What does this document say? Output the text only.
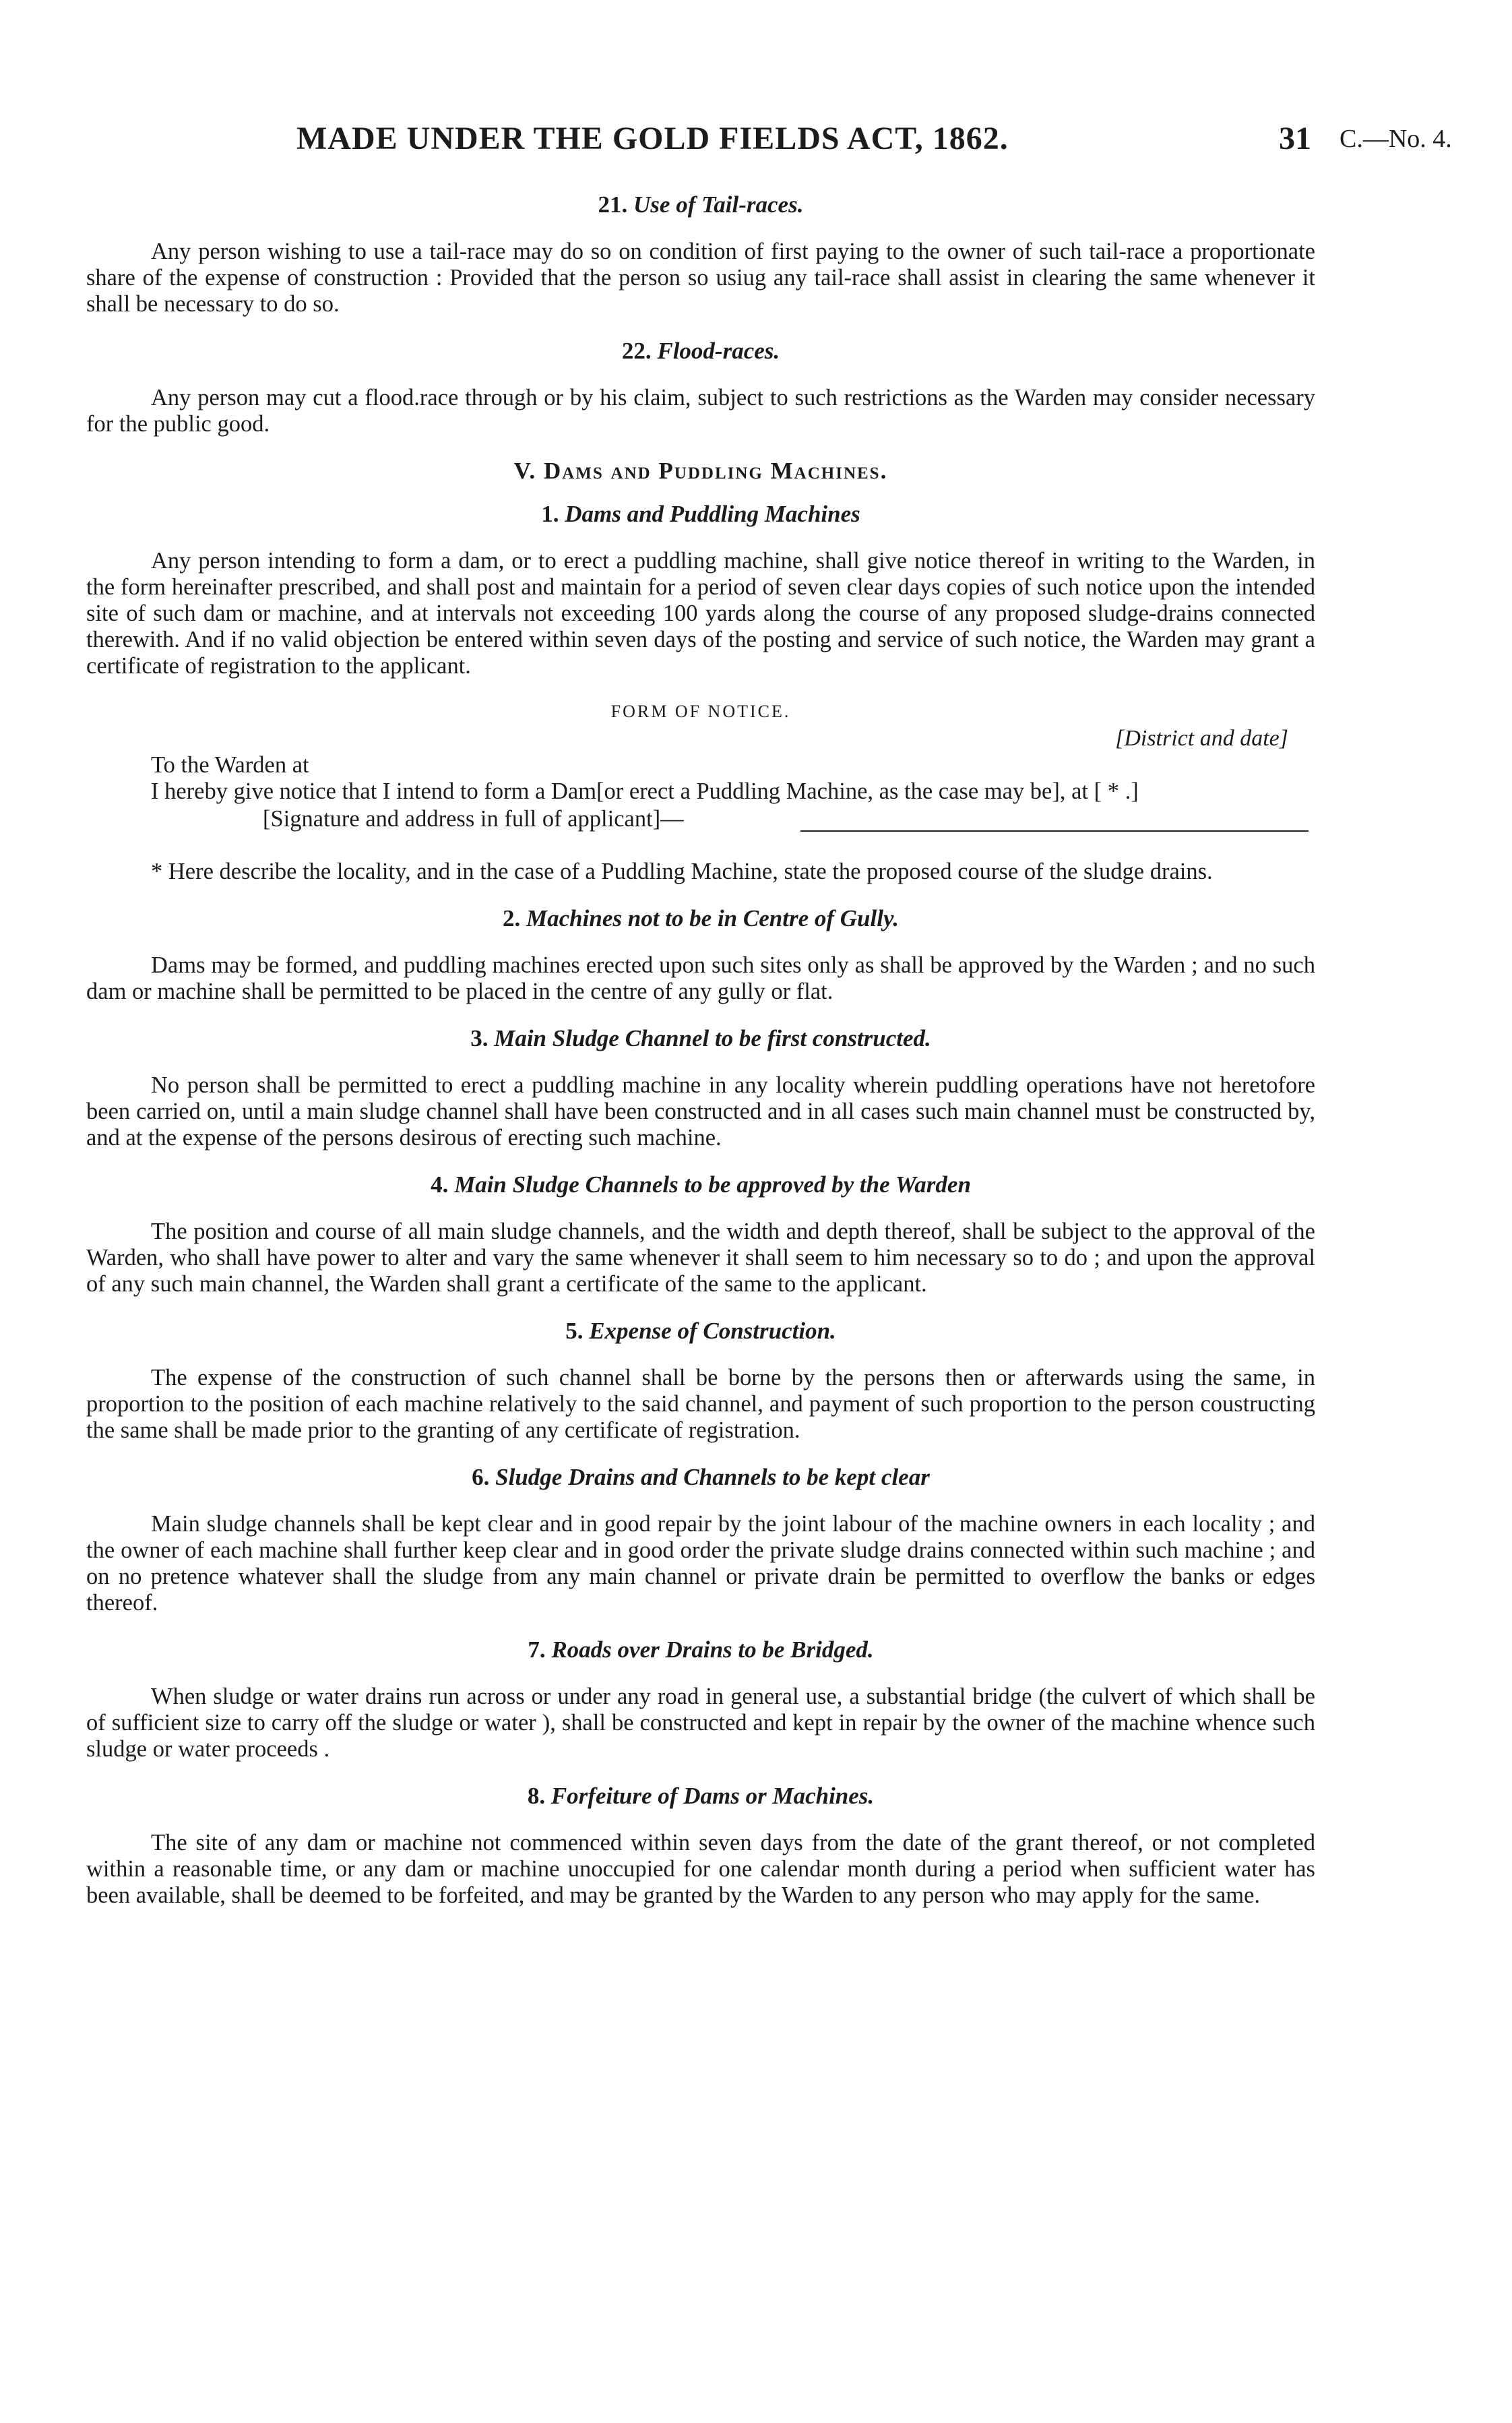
MADE UNDER THE GOLD FIELDS ACT, 1862.	31 C.—No. 4.
21. Use of Tail-races.

Any person wishing to use a tail-race may do so on condition of first paying to the owner of such tail-race a proportionate share of the expense of construction : Provided that the person so usiug any tail-race shall assist in clearing the same whenever it shall be necessary to do so.

22. Flood-races.

Any person may cut a flood.race through or by his claim, subject to such restrictions as the Warden may consider necessary for the public good.

V. Dams and Puddling Machines.
1. Dams and Puddling Machines

Any person intending to form a dam, or to erect a puddling machine, shall give notice thereof in writing to the Warden, in the form hereinafter prescribed, and shall post and maintain for a period of seven clear days copies of such notice upon the intended site of such dam or machine, and at intervals not exceeding 100 yards along the course of any proposed sludge-drains connected therewith. And if no valid objection be entered within seven days of the posting and service of such notice, the Warden may grant a certificate of registration to the applicant.

FORM OF NOTICE.
[District and date]
To the Warden at
I hereby give notice that I intend to form a Dam[or erect a Puddling Machine, as the case may be], at [ * .]
[Signature and address in full of applicant]—

* Here describe the locality, and in the case of a Puddling Machine, state the proposed course of the sludge drains.

2. Machines not to be in Centre of Gully.

Dams may be formed, and puddling machines erected upon such sites only as shall be approved by the Warden ; and no such dam or machine shall be permitted to be placed in the centre of any gully or flat.

3. Main Sludge Channel to be first constructed.

No person shall be permitted to erect a puddling machine in any locality wherein puddling operations have not heretofore been carried on, until a main sludge channel shall have been constructed and in all cases such main channel must be constructed by, and at the expense of the persons desirous of erecting such machine.

4. Main Sludge Channels to be approved by the Warden

The position and course of all main sludge channels, and the width and depth thereof, shall be subject to the approval of the Warden, who shall have power to alter and vary the same whenever it shall seem to him necessary so to do ; and upon the approval of any such main channel, the Warden shall grant a certificate of the same to the applicant.

5. Expense of Construction.

The expense of the construction of such channel shall be borne by the persons then or afterwards using the same, in proportion to the position of each machine relatively to the said channel, and payment of such proportion to the person coustructing the same shall be made prior to the granting of any certificate of registration.

6. Sludge Drains and Channels to be kept clear

Main sludge channels shall be kept clear and in good repair by the joint labour of the machine owners in each locality ; and the owner of each machine shall further keep clear and in good order the private sludge drains connected within such machine ; and on no pretence whatever shall the sludge from any main channel or private drain be permitted to overflow the banks or edges thereof.

7. Roads over Drains to be Bridged.

When sludge or water drains run across or under any road in general use, a substantial bridge (the culvert of which shall be of sufficient size to carry off the sludge or water ), shall be constructed and kept in repair by the owner of the machine whence such sludge or water proceeds .

8. Forfeiture of Dams or Machines.

The site of any dam or machine not commenced within seven days from the date of the grant thereof, or not completed within a reasonable time, or any dam or machine unoccupied for one calendar month during a period when sufficient water has been available, shall be deemed to be forfeited, and may be granted by the Warden to any person who may apply for the same.
